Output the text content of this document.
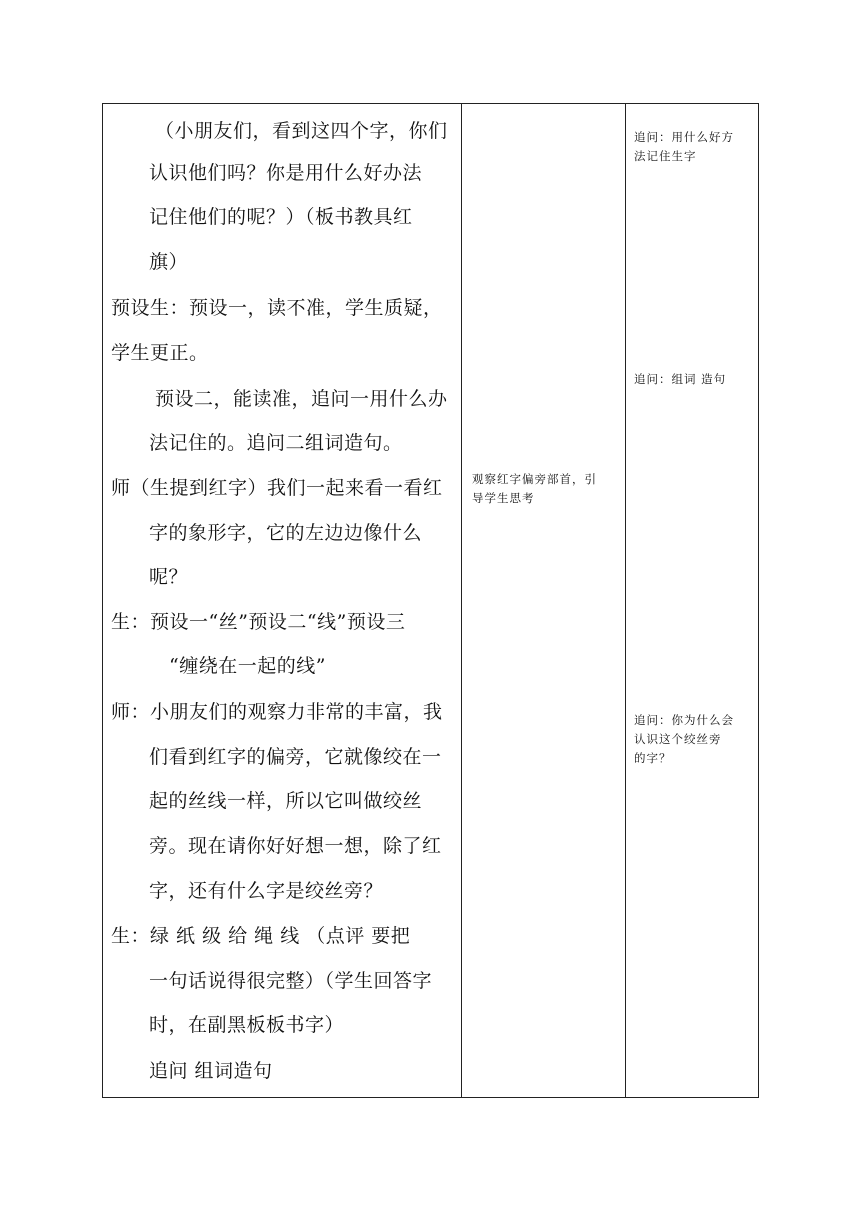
（小朋友们，看到这四个字，你们
认识他们吗？你是用什么好办法
记住他们的呢？）（板书教具红
旗）
预设生：预设一，读不准，学生质疑，
学生更正。
预设二，能读准，追问一用什么办
法记住的。追问二组词造句。
师（生提到红字）我们一起来看一看红
字的象形字，它的左边边像什么
呢？
生：预设一“丝”预设二“线”预设三
“缠绕在一起的线”
师：小朋友们的观察力非常的丰富，我
们看到红字的偏旁，它就像绞在一
起的丝线一样，所以它叫做绞丝
旁。现在请你好好想一想，除了红
字，还有什么字是绞丝旁？
生：绿 纸 级 给 绳 线 （点评 要把
一句话说得很完整）（学生回答字
时，在副黑板板书字）
追问 组词造句

观察红字偏旁部首，引
导学生思考

追问：用什么好方
法记住生字
追问：组词 造句
追问：你为什么会
认识这个绞丝旁
的字？
